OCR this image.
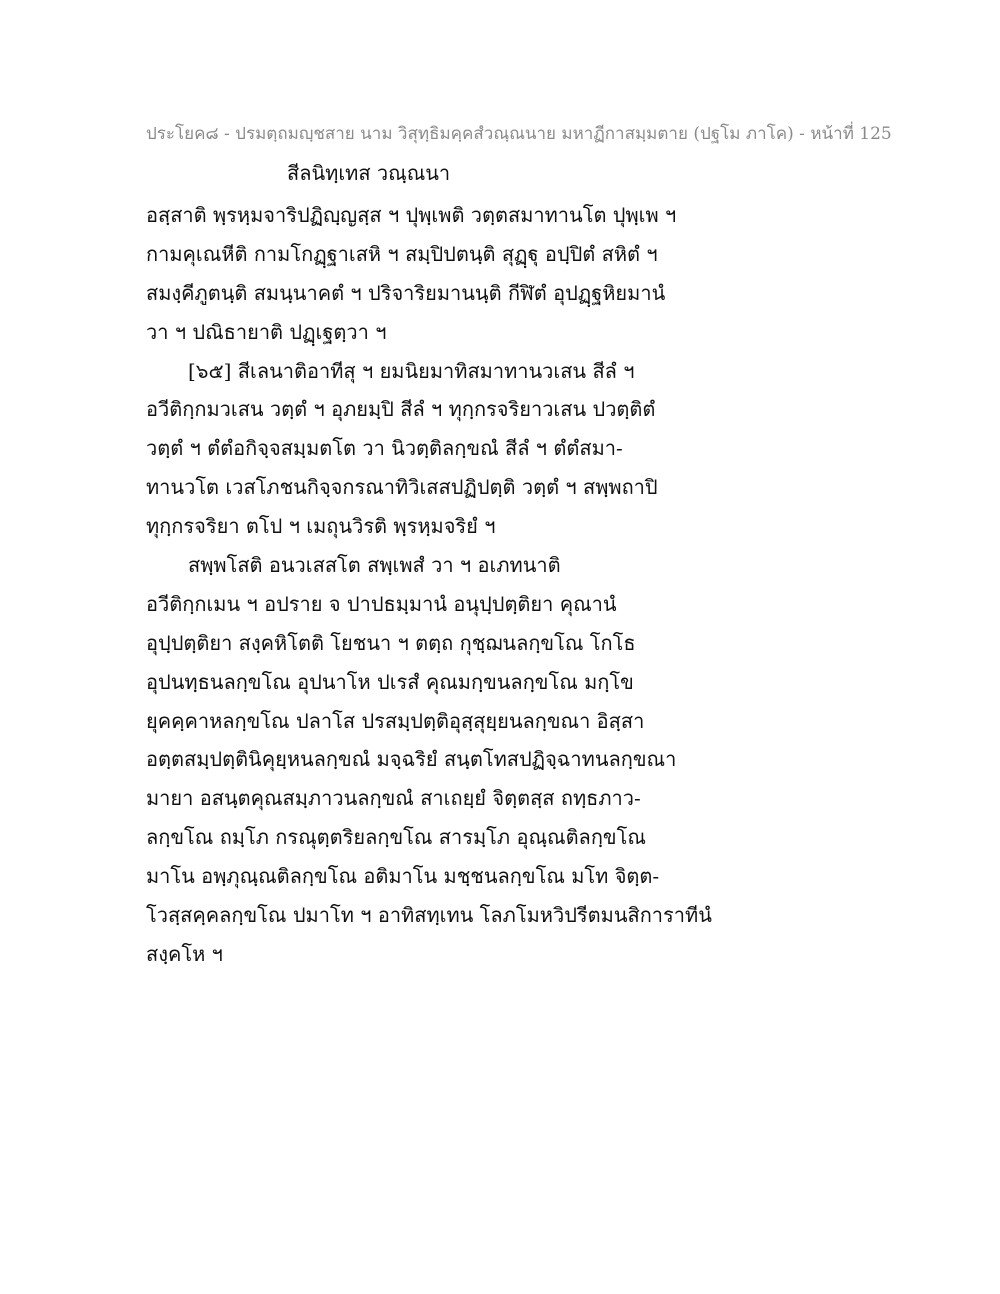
ประโยค๘ - ปรมตฺถมญฺชสาย นาม วิสุทฺธิมคฺคสํวณฺณนาย มหาฏีกาสมฺมตาย (ปฐโม ภาโค) - หน้าที่ 125
สีลนิทฺเทส วณฺณนา
อสฺสาติ พฺรหฺมจาริปฏิญฺญสฺส ฯ ปุพฺเพติ วตฺตสมาทานโต ปุพฺเพ ฯ
กามคุเณหีติ กามโกฏฺฐาเสหิ ฯ สมฺปิปตนฺติ สุฏฺฐุ อปฺปิตํ สหิตํ ฯ
สมงฺคีภูตนฺติ สมนฺนาคตํ ฯ ปริจาริยมานนฺติ กีฬิตํ อุปฏฺฐหิยมานํ
วา ฯ ปณิธายาติ ปฏฺเฐตฺวา ฯ
[๖๕] สีเลนาติอาทีสุ ฯ ยมนิยมาทิสมาทานวเสน สีลํ ฯ
อวีติกฺกมวเสน วตฺตํ ฯ อุภยมฺปิ สีลํ ฯ ทุกฺกรจริยาวเสน ปวตฺติตํ
วตฺตํ ฯ ตํตํอกิจฺจสมฺมตโต วา นิวตฺติลกฺขณํ สีลํ ฯ ตํตํสมา-
ทานวโต เวสโภชนกิจฺจกรณาทิวิเสสปฏิปตฺติ วตฺตํ ฯ สพฺพถาปิ
ทุกฺกรจริยา ตโป ฯ เมถุนวิรติ พฺรหฺมจริยํ ฯ
สพฺพโสติ อนวเสสโต สพฺเพสํ วา ฯ อเภทนาติ
อวีติกฺกเมน ฯ อปราย จ ปาปธมฺมานํ อนุปฺปตฺติยา คุณานํ
อุปฺปตฺติยา สงฺคหิโตติ โยชนา ฯ ตตฺถ กุชฺฌนลกฺขโณ โกโธ
อุปนทฺธนลกฺขโณ อุปนาโห ปเรสํ คุณมกฺขนลกฺขโณ มกฺโข
ยุคคฺคาหลกฺขโณ ปลาโส ปรสมฺปตฺติอุสฺสุยฺยนลกฺขณา อิสฺสา
อตฺตสมฺปตฺตินิคุยฺหนลกฺขณํ มจฺฉริยํ สนฺตโทสปฏิจฺฉาทนลกฺขณา
มายา อสนฺตคุณสมฺภาวนลกฺขณํ สาเถยฺยํ จิตฺตสฺส ถทฺธภาว-
ลกฺขโณ ถมฺโภ กรณุตฺตริยลกฺขโณ สารมฺโภ อุณฺณติลกฺขโณ
มาโน อพฺภุณฺณติลกฺขโณ อติมาโน มชฺชนลกฺขโณ มโท จิตฺต-
โวสฺสคฺคลกฺขโณ ปมาโท ฯ อาทิสทฺเทน โลภโมหวิปรีตมนสิการาทีนํ
สงฺคโห ฯ
